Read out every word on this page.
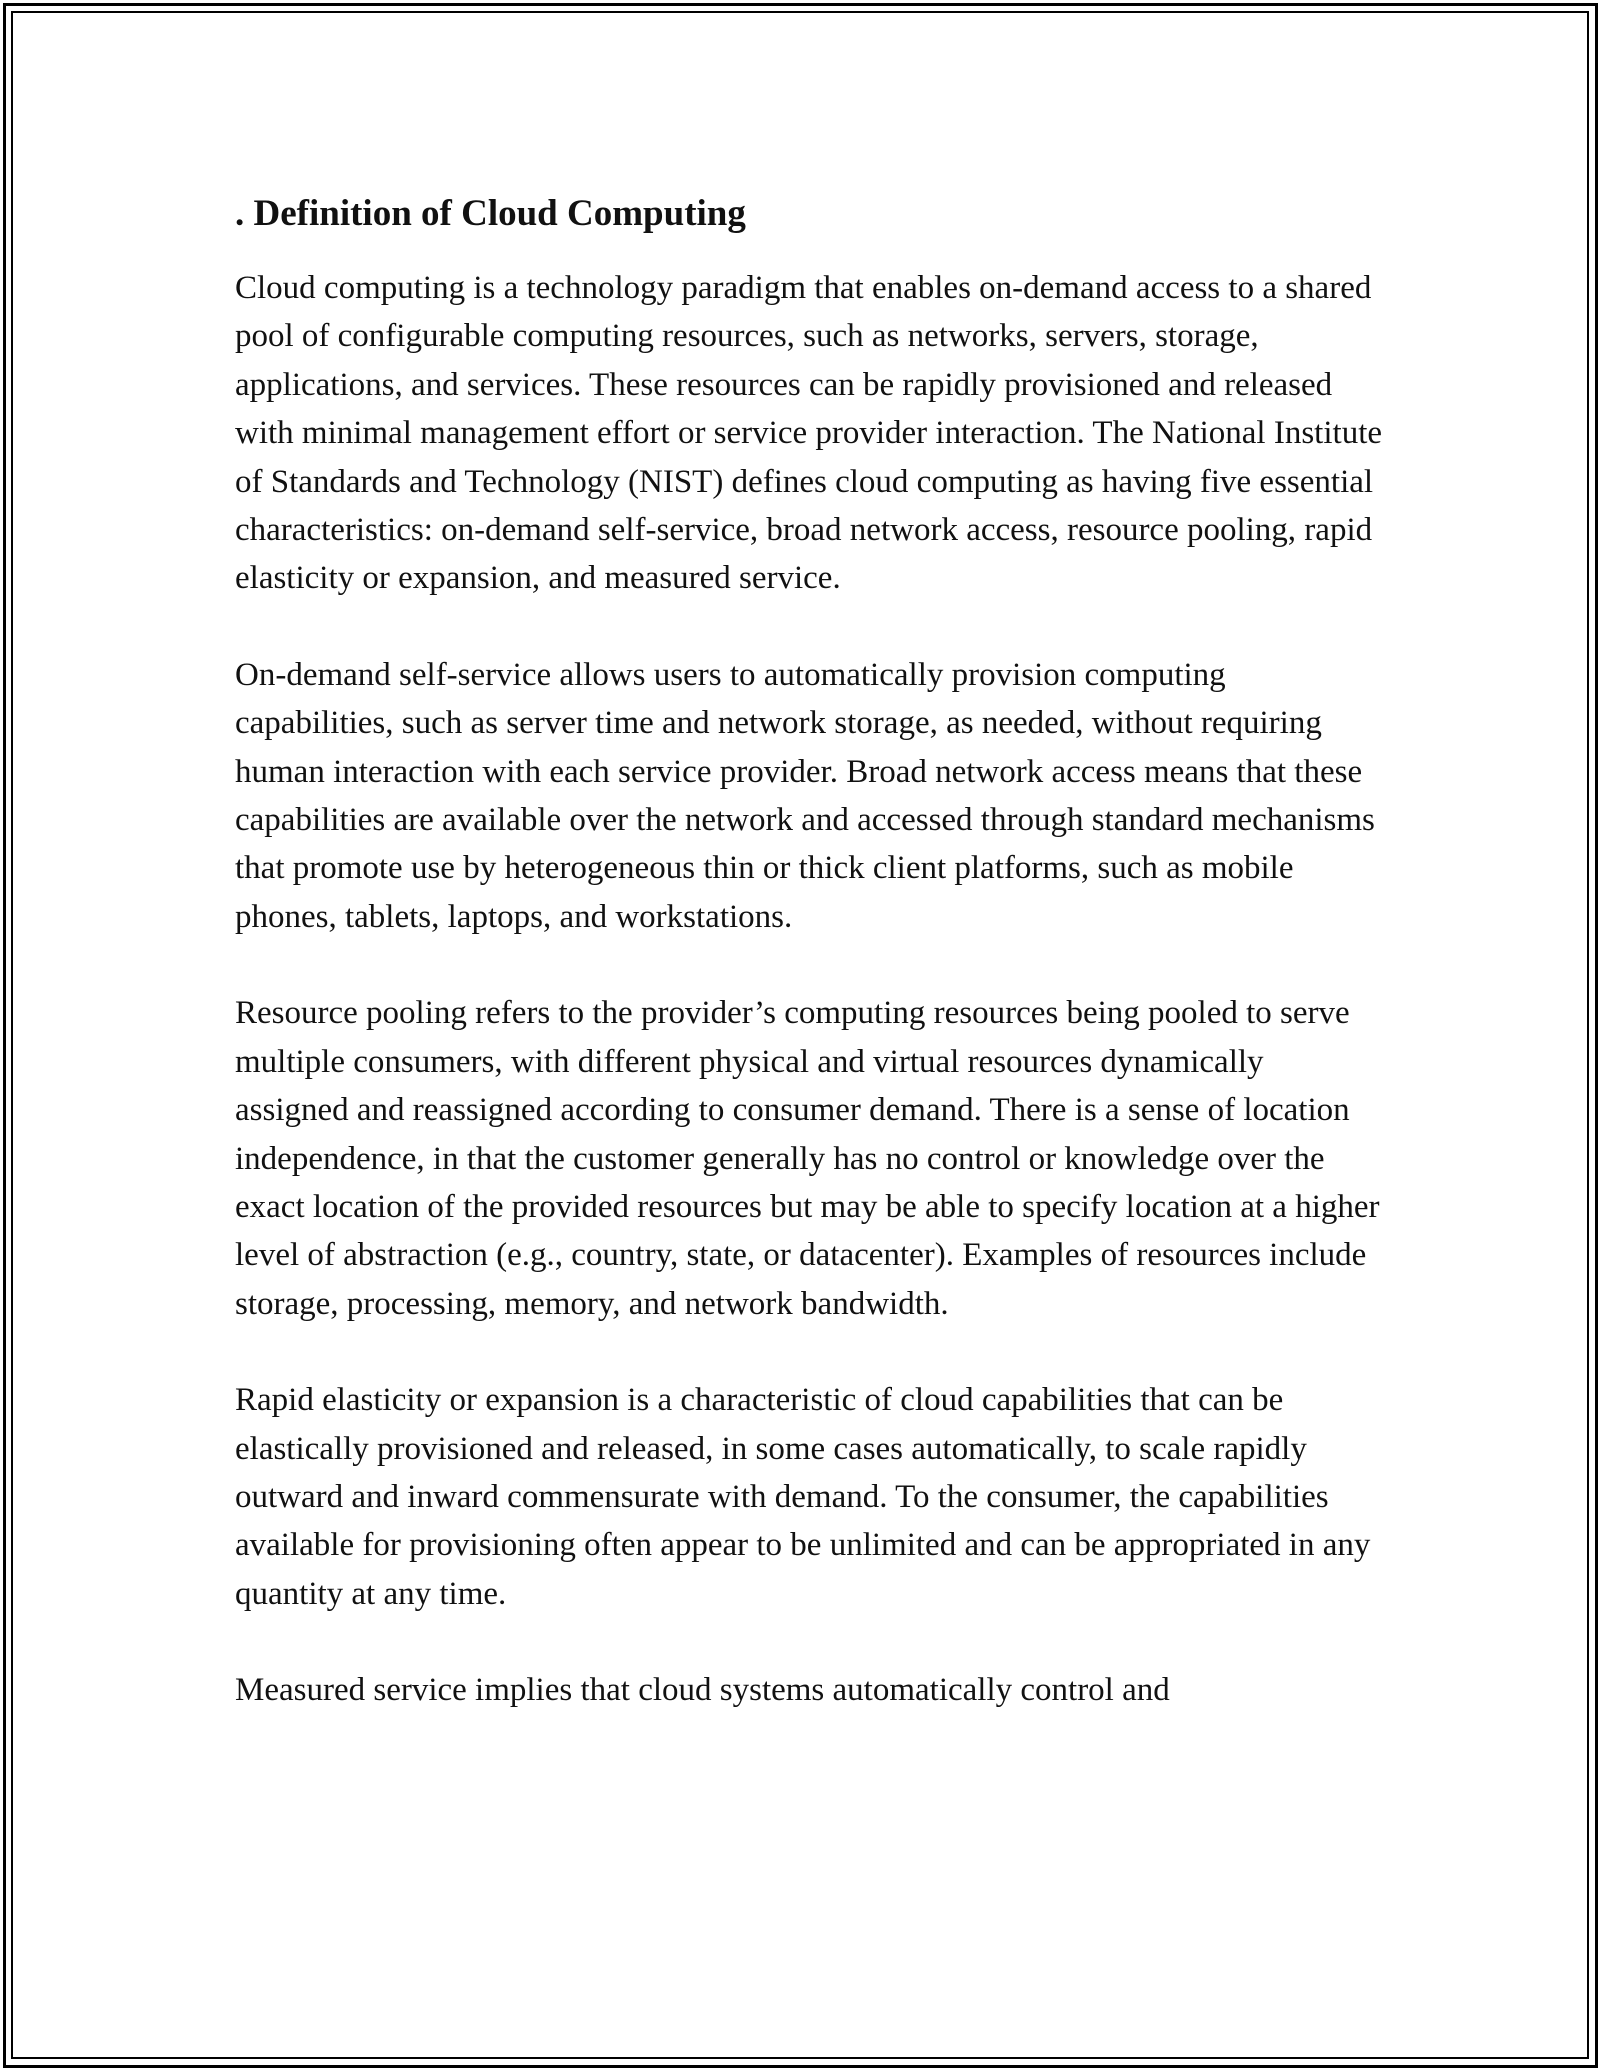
. Definition of Cloud Computing

Cloud computing is a technology paradigm that enables on-demand access to a shared pool of configurable computing resources, such as networks, servers, storage, applications, and services. These resources can be rapidly provisioned and released with minimal management effort or service provider interaction. The National Institute of Standards and Technology (NIST) defines cloud computing as having five essential characteristics: on-demand self-service, broad network access, resource pooling, rapid elasticity or expansion, and measured service.

On-demand self-service allows users to automatically provision computing capabilities, such as server time and network storage, as needed, without requiring human interaction with each service provider. Broad network access means that these capabilities are available over the network and accessed through standard mechanisms that promote use by heterogeneous thin or thick client platforms, such as mobile phones, tablets, laptops, and workstations.

Resource pooling refers to the provider’s computing resources being pooled to serve multiple consumers, with different physical and virtual resources dynamically assigned and reassigned according to consumer demand. There is a sense of location independence, in that the customer generally has no control or knowledge over the exact location of the provided resources but may be able to specify location at a higher level of abstraction (e.g., country, state, or datacenter). Examples of resources include storage, processing, memory, and network bandwidth.

Rapid elasticity or expansion is a characteristic of cloud capabilities that can be elastically provisioned and released, in some cases automatically, to scale rapidly outward and inward commensurate with demand. To the consumer, the capabilities available for provisioning often appear to be unlimited and can be appropriated in any quantity at any time.

Measured service implies that cloud systems automatically control and
